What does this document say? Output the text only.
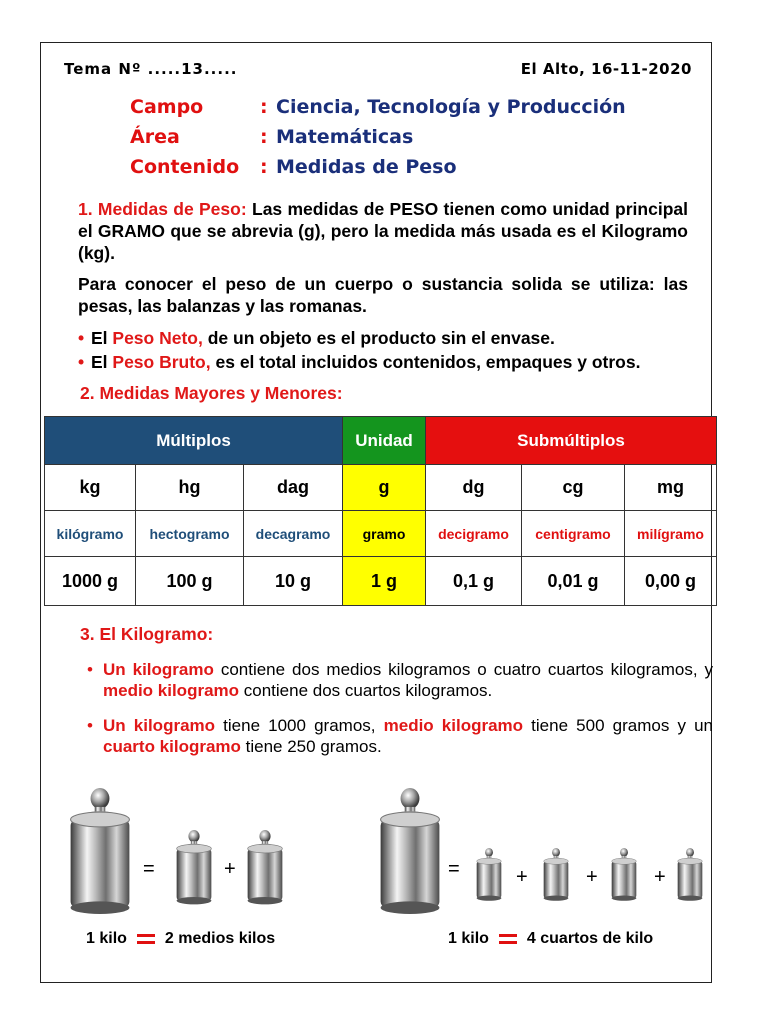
Tema Nº .....13.....	El Alto, 16-11-2020
Campo	: Ciencia, Tecnología y Producción
Área	: Matemáticas
Contenido : Medidas de Peso
1. Medidas de Peso: Las medidas de PESO tienen como unidad principal el GRAMO que se abrevia (g), pero la medida más usada es el Kilogramo (kg).
Para conocer el peso de un cuerpo o sustancia solida se utiliza: las pesas, las balanzas y las romanas.
• El Peso Neto, de un objeto es el producto sin el envase.
• El Peso Bruto, es el total incluidos contenidos, empaques y otros.
2. Medidas Mayores y Menores:
Múltiplos			Unidad	Submúltiplos		
kg	hg	dag	g	dg	cg	mg
kilógramo	hectogramo	decagramo	gramo	decigramo	centigramo	milígramo
1000 g	100 g	10 g	1 g	0,1 g	0,01 g	0,00 g
3. El Kilogramo:
• Un kilogramo contiene dos medios kilogramos o cuatro cuartos kilogramos, y medio kilogramo contiene dos cuartos kilogramos.
• Un kilogramo tiene 1000 gramos, medio kilogramo tiene 500 gramos y un cuarto kilogramo tiene 250 gramos.
=	+	=	+	+	+
1 kilo 2 medios kilos	1 kilo 4 cuartos de kilo
